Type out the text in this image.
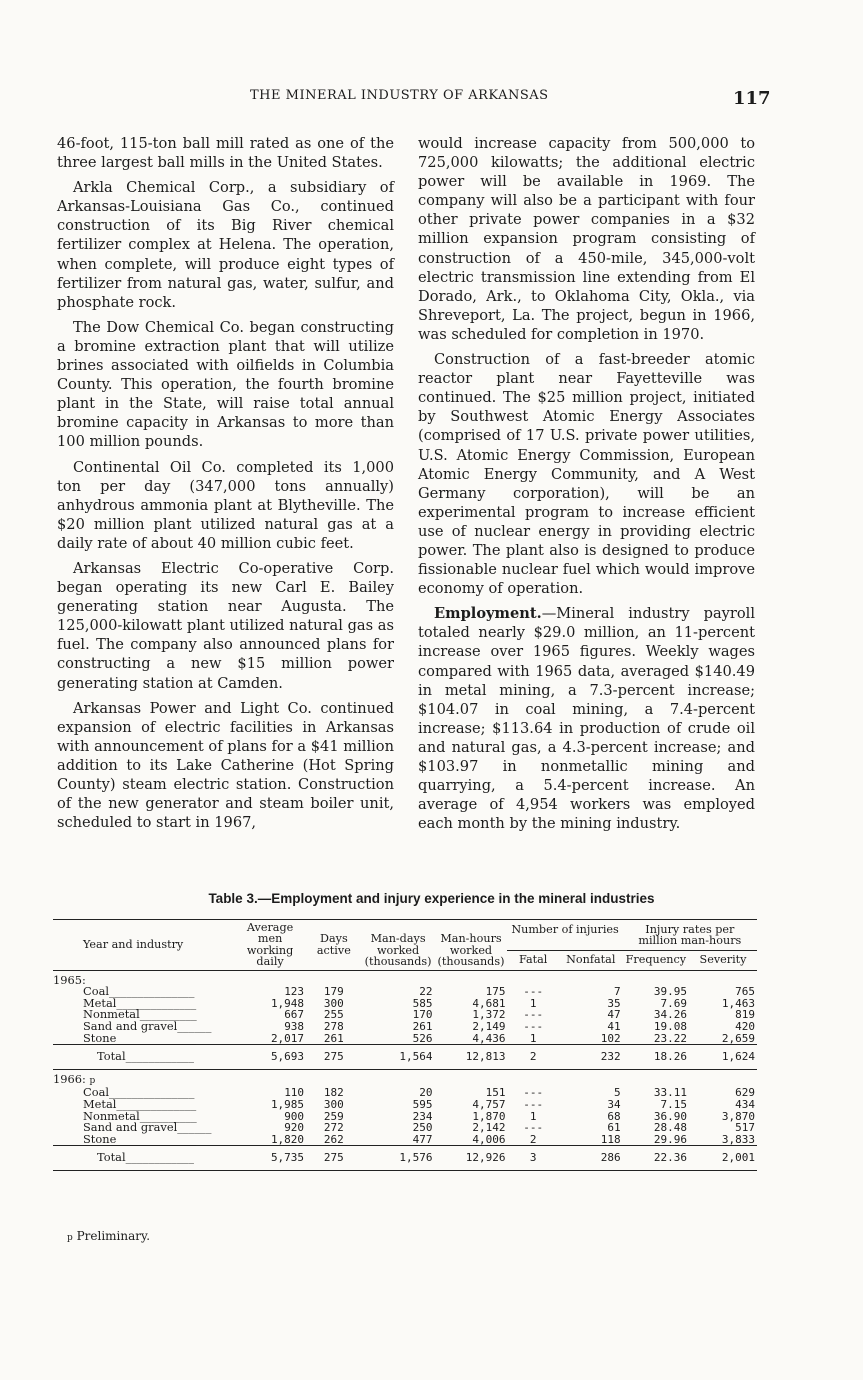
THE MINERAL INDUSTRY OF ARKANSAS	117

46-foot, 115-ton ball mill rated as one of the three largest ball mills in the United States.

Arkla Chemical Corp., a subsidiary of Arkansas-Louisiana Gas Co., continued construction of its Big River chemical fertilizer complex at Helena. The operation, when complete, will produce eight types of fertilizer from natural gas, water, sulfur, and phosphate rock.

The Dow Chemical Co. began constructing a bromine extraction plant that will utilize brines associated with oilfields in Columbia County. This operation, the fourth bromine plant in the State, will raise total annual bromine capacity in Arkansas to more than 100 million pounds.

Continental Oil Co. completed its 1,000 ton per day (347,000 tons annually) anhydrous ammonia plant at Blytheville. The $20 million plant utilized natural gas at a daily rate of about 40 million cubic feet.

Arkansas Electric Co-operative Corp. began operating its new Carl E. Bailey generating station near Augusta. The 125,000-kilowatt plant utilized natural gas as fuel. The company also announced plans for constructing a new $15 million power generating station at Camden.

Arkansas Power and Light Co. continued expansion of electric facilities in Arkansas with announcement of plans for a $41 million addition to its Lake Catherine (Hot Spring County) steam electric station. Construction of the new generator and steam boiler unit, scheduled to start in 1967,

would increase capacity from 500,000 to 725,000 kilowatts; the additional electric power will be available in 1969. The company will also be a participant with four other private power companies in a $32 million expansion program consisting of construction of a 450-mile, 345,000-volt electric transmission line extending from El Dorado, Ark., to Oklahoma City, Okla., via Shreveport, La. The project, begun in 1966, was scheduled for completion in 1970.

Construction of a fast-breeder atomic reactor plant near Fayetteville was continued. The $25 million project, initiated by Southwest Atomic Energy Associates (comprised of 17 U.S. private power utilities, U.S. Atomic Energy Commission, European Atomic Energy Community, and A West Germany corporation), will be an experimental program to increase efficient use of nuclear energy in providing electric power. The plant also is designed to produce fissionable nuclear fuel which would improve economy of operation.

Employment.—Mineral industry payroll totaled nearly $29.0 million, an 11-percent increase over 1965 figures. Weekly wages compared with 1965 data, averaged $140.49 in metal mining, a 7.3-percent increase; $104.07 in coal mining, a 7.4-percent increase; $113.64 in production of crude oil and natural gas, a 4.3-percent increase; and $103.97 in nonmetallic mining and quarrying, a 5.4-percent increase. An average of 4,954 workers was employed each month by the mining industry.

Table 3.—Employment and injury experience in the mineral industries
Year and industry	Average men working daily	Days active	Man-days worked (thousands)	Man-hours worked (thousands)	Number of injuries		Injury rates per million man-hours	
					Fatal	Nonfatal	Frequency	Severity
1965:								
Coal_______________	123	179	22	175	---	7	39.95	765
Metal______________	1,948	300	585	4,681	1	35	7.69	1,463
Nonmetal__________	667	255	170	1,372	---	47	34.26	819
Sand and gravel______	938	278	261	2,149	---	41	19.08	420
Stone______________	2,017	261	526	4,436	1	102	23.22	2,659
Total____________	5,693	275	1,564	12,813	2	232	18.26	1,624
1966: p								
Coal_______________	110	182	20	151	---	5	33.11	629
Metal______________	1,985	300	595	4,757	---	34	7.15	434
Nonmetal__________	900	259	234	1,870	1	68	36.90	3,870
Sand and gravel______	920	272	250	2,142	---	61	28.48	517
Stone______________	1,820	262	477	4,006	2	118	29.96	3,833
Total____________	5,735	275	1,576	12,926	3	286	22.36	2,001
p Preliminary.
